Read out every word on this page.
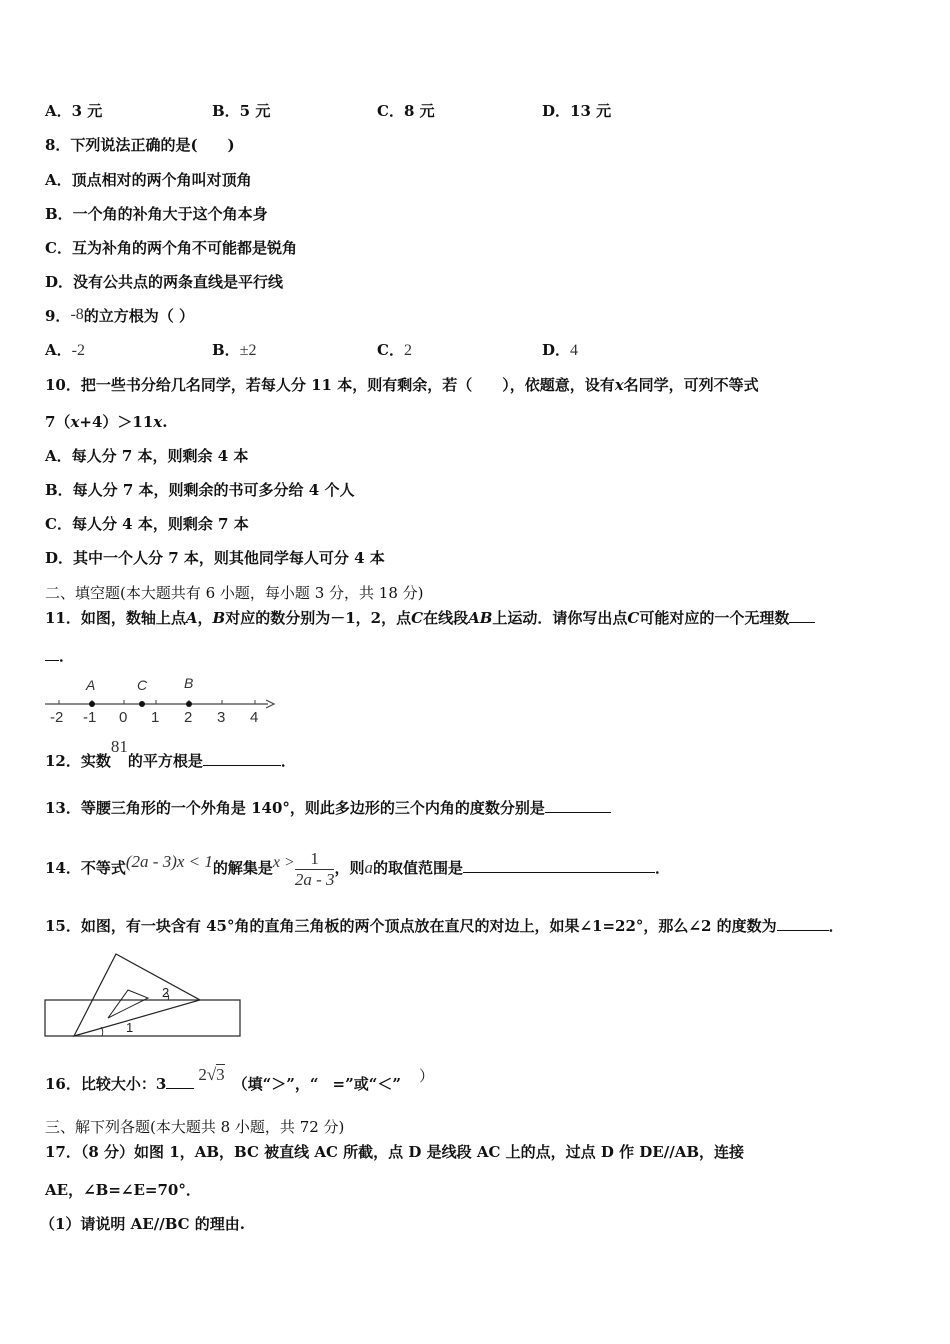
A．3 元	B．5 元	C．8 元	D．13 元
8．下列说法正确的是(　　)
A．顶点相对的两个角叫对顶角
B．一个角的补角大于这个角本身
C．互为补角的两个角不可能都是锐角
D．没有公共点的两条直线是平行线
9．-8的立方根为（ ）
A．-2	B．±2	C．2	D．4
10．把一些书分给几名同学，若每人分 11 本，则有剩余，若（　　），依题意，设有x名同学，可列不等式
7（x+4）＞11x.
A．每人分 7 本，则剩余 4 本
B．每人分 7 本，则剩余的书可多分给 4 个人
C．每人分 4 本，则剩余 7 本
D．其中一个人分 7 本，则其他同学每人可分 4 本
二、填空题(本大题共有 6 小题，每小题 3 分，共 18 分)
11．如图，数轴上点A，B对应的数分别为－1，2，点C在线段AB上运动．请你写出点C可能对应的一个无理数
．
A	C	B
-2 -1 0 1 2 3 4
12．实数81的平方根是	．
13．等腰三角形的一个外角是 140°，则此多边形的三个内角的度数分别是
14．不等式(2a - 3)x < 1的解集是$x > \frac{1}{2a - 3}$ ，则a的取值范围是	．
15．如图，有一块含有 45°角的直角三角板的两个顶点放在直尺的对边上，如果∠1=22°，那么∠2 的度数为	．
2
1
16．比较大小：3 2√3 （填“＞”，“ =”或“＜” ）
三、解下列各题(本大题共 8 小题，共 72 分)
17．（8 分）如图 1，AB，BC 被直线 AC 所截，点 D 是线段 AC 上的点，过点 D 作 DE//AB，连接
AE，∠B=∠E=70°．
（1）请说明 AE//BC 的理由.
